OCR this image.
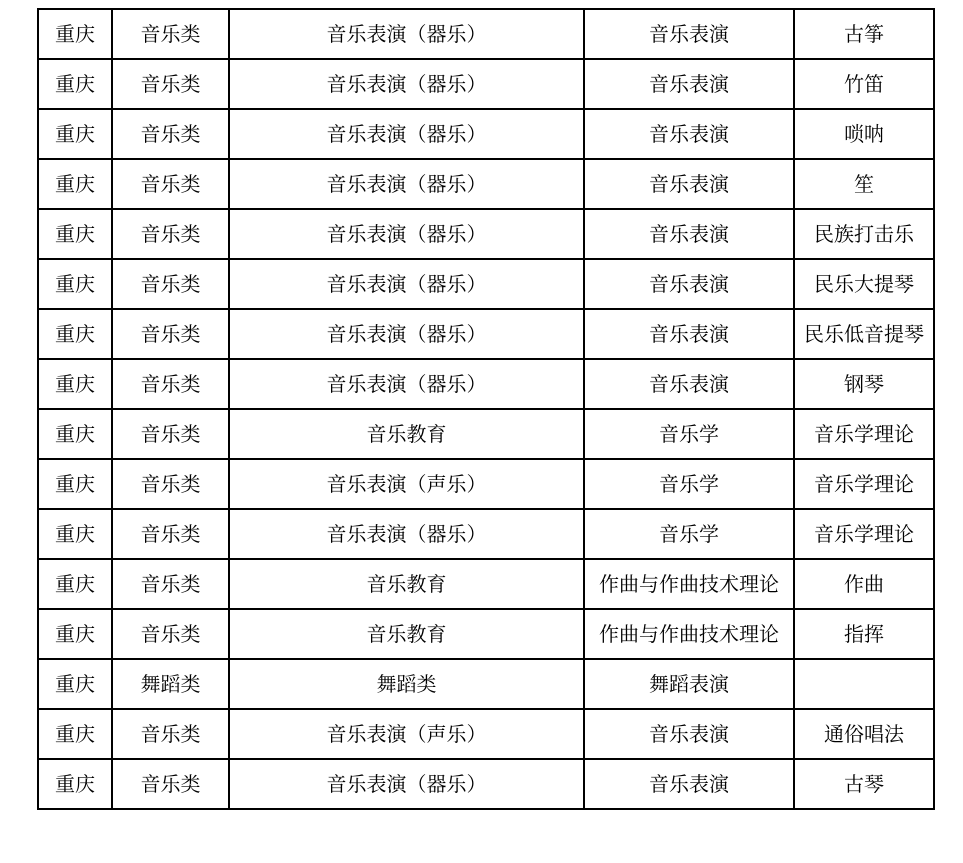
重庆	音乐类	音乐表演（器乐）	音乐表演	古筝
重庆	音乐类	音乐表演（器乐）	音乐表演	竹笛
重庆	音乐类	音乐表演（器乐）	音乐表演	唢呐
重庆	音乐类	音乐表演（器乐）	音乐表演	笙
重庆	音乐类	音乐表演（器乐）	音乐表演	民族打击乐
重庆	音乐类	音乐表演（器乐）	音乐表演	民乐大提琴
重庆	音乐类	音乐表演（器乐）	音乐表演	民乐低音提琴
重庆	音乐类	音乐表演（器乐）	音乐表演	钢琴
重庆	音乐类	音乐教育	音乐学	音乐学理论
重庆	音乐类	音乐表演（声乐）	音乐学	音乐学理论
重庆	音乐类	音乐表演（器乐）	音乐学	音乐学理论
重庆	音乐类	音乐教育	作曲与作曲技术理论	作曲
重庆	音乐类	音乐教育	作曲与作曲技术理论	指挥
重庆	舞蹈类	舞蹈类	舞蹈表演	
重庆	音乐类	音乐表演（声乐）	音乐表演	通俗唱法
重庆	音乐类	音乐表演（器乐）	音乐表演	古琴
